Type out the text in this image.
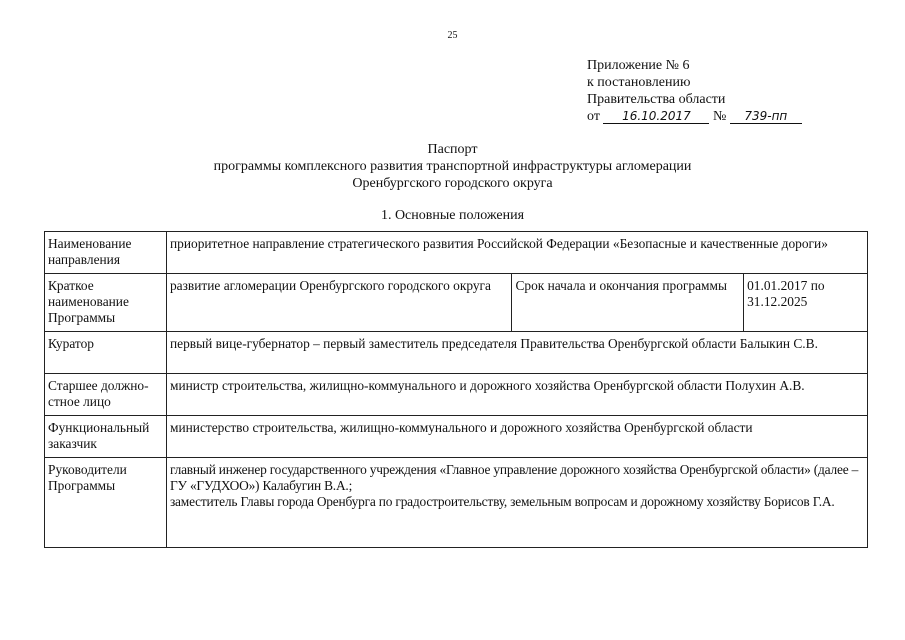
25
Приложение № 6
к постановлению
Правительства области
от 16.10.2017 № 739-пп
Паспорт
программы комплексного развития транспортной инфраструктуры агломерации
Оренбургского городского округа
1. Основные положения
Наименование направления	приоритетное направление стратегического развития Российской Федерации «Безопасные и качественные дороги»		
Краткое наименование Программы	развитие агломерации Оренбургского городского округа	Срок начала и окончания программы	01.01.2017 по 31.12.2025
Куратор	первый вице-губернатор – первый заместитель председателя Правительства Оренбургской области Балыкин С.В.		
Старшее должно-стное лицо	министр строительства, жилищно-коммунального и дорожного хозяйства Оренбургской области Полухин А.В.		
Функциональный заказчик	министерство строительства, жилищно-коммунального и дорожного хозяйства Оренбургской области		
Руководители Программы	главный инженер государственного учреждения «Главное управление дорожного хозяйства Оренбургской области» (далее – ГУ «ГУДХОО») Калабугин В.А.;
заместитель Главы города Оренбурга по градостроительству, земельным вопросам и дорожному хозяйству Борисов Г.А.		
